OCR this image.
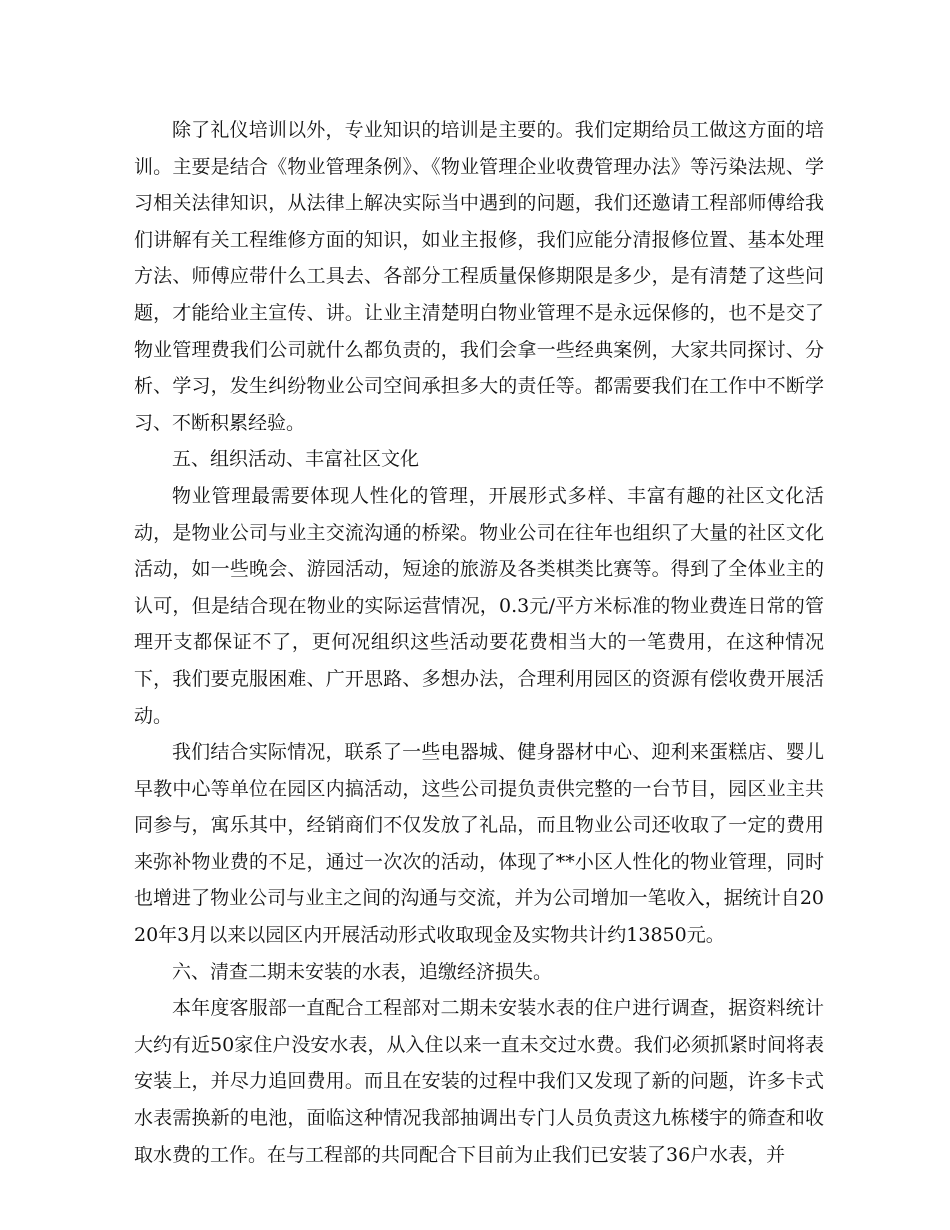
除了礼仪培训以外，专业知识的培训是主要的。我们定期给员工做这方面的培训。主要是结合《物业管理条例》、《物业管理企业收费管理办法》等污染法规、学习相关法律知识，从法律上解决实际当中遇到的问题，我们还邀请工程部师傅给我们讲解有关工程维修方面的知识，如业主报修，我们应能分清报修位置、基本处理方法、师傅应带什么工具去、各部分工程质量保修期限是多少，是有清楚了这些问题，才能给业主宣传、讲。让业主清楚明白物业管理不是永远保修的，也不是交了物业管理费我们公司就什么都负责的，我们会拿一些经典案例，大家共同探讨、分析、学习，发生纠纷物业公司空间承担多大的责任等。都需要我们在工作中不断学习、不断积累经验。

五、组织活动、丰富社区文化

物业管理最需要体现人性化的管理，开展形式多样、丰富有趣的社区文化活动，是物业公司与业主交流沟通的桥梁。物业公司在往年也组织了大量的社区文化活动，如一些晚会、游园活动，短途的旅游及各类棋类比赛等。得到了全体业主的认可，但是结合现在物业的实际运营情况，0.3元/平方米标准的物业费连日常的管理开支都保证不了，更何况组织这些活动要花费相当大的一笔费用，在这种情况下，我们要克服困难、广开思路、多想办法，合理利用园区的资源有偿收费开展活动。

我们结合实际情况，联系了一些电器城、健身器材中心、迎利来蛋糕店、婴儿早教中心等单位在园区内搞活动，这些公司提负责供完整的一台节目，园区业主共同参与，寓乐其中，经销商们不仅发放了礼品，而且物业公司还收取了一定的费用来弥补物业费的不足，通过一次次的活动，体现了**小区人性化的物业管理，同时也增进了物业公司与业主之间的沟通与交流，并为公司增加一笔收入，据统计自2020年3月以来以园区内开展活动形式收取现金及实物共计约13850元。

六、清查二期未安装的水表，追缴经济损失。

本年度客服部一直配合工程部对二期未安装水表的住户进行调查，据资料统计大约有近50家住户没安水表，从入住以来一直未交过水费。我们必须抓紧时间将表安装上，并尽力追回费用。而且在安装的过程中我们又发现了新的问题，许多卡式水表需换新的电池，面临这种情况我部抽调出专门人员负责这九栋楼宇的筛查和收取水费的工作。在与工程部的共同配合下目前为止我们已安装了36户水表，并
